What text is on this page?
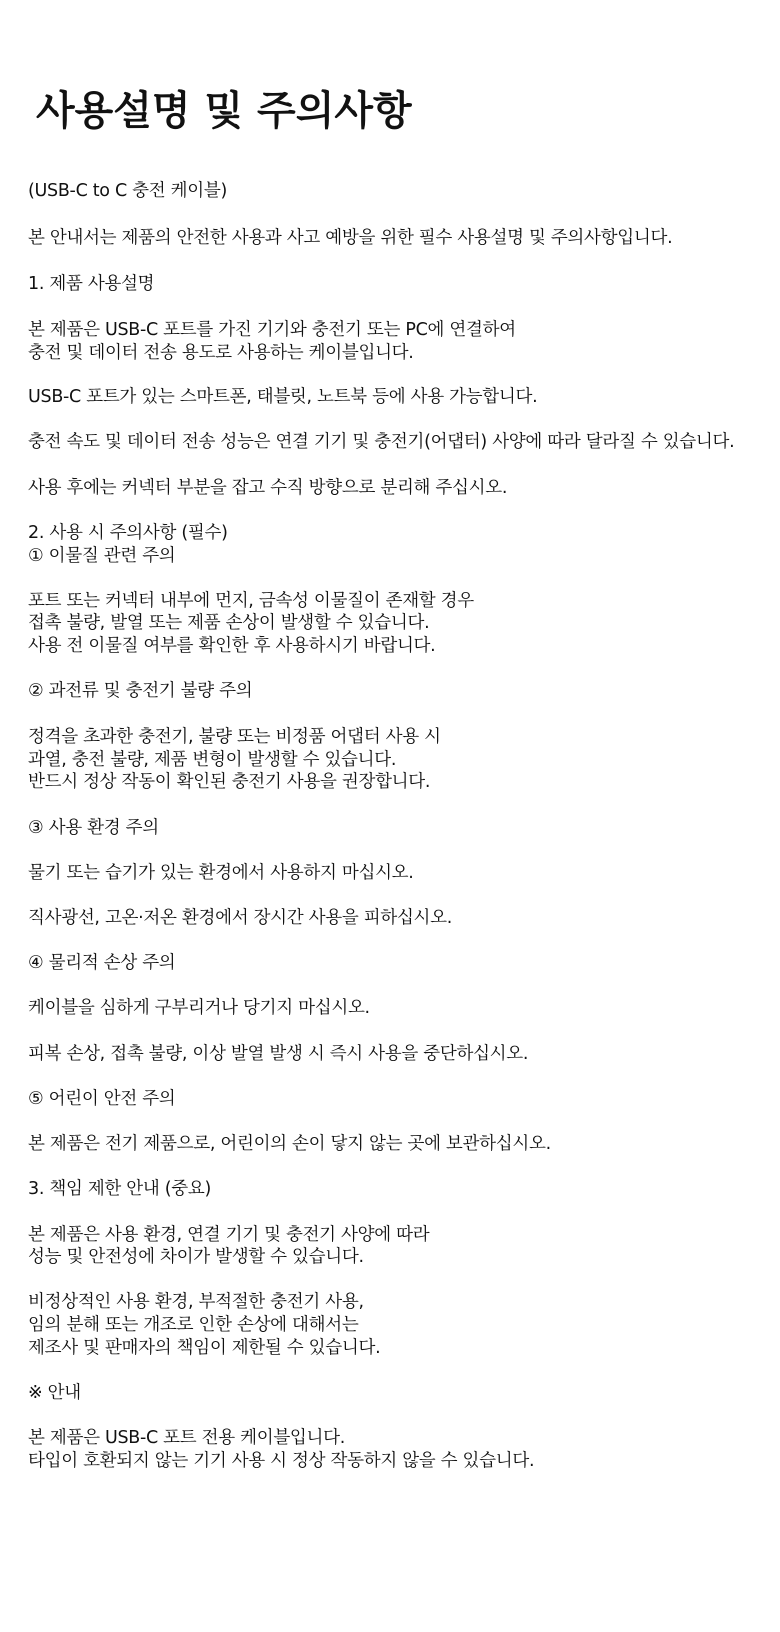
사용설명 및 주의사항
(USB-C to C 충전 케이블)
본 안내서는 제품의 안전한 사용과 사고 예방을 위한 필수 사용설명 및 주의사항입니다.
1. 제품 사용설명
본 제품은 USB-C 포트를 가진 기기와 충전기 또는 PC에 연결하여
충전 및 데이터 전송 용도로 사용하는 케이블입니다.
USB-C 포트가 있는 스마트폰, 태블릿, 노트북 등에 사용 가능합니다.
충전 속도 및 데이터 전송 성능은 연결 기기 및 충전기(어댑터) 사양에 따라 달라질 수 있습니다.
사용 후에는 커넥터 부분을 잡고 수직 방향으로 분리해 주십시오.
2. 사용 시 주의사항 (필수)
① 이물질 관련 주의
포트 또는 커넥터 내부에 먼지, 금속성 이물질이 존재할 경우
접촉 불량, 발열 또는 제품 손상이 발생할 수 있습니다.
사용 전 이물질 여부를 확인한 후 사용하시기 바랍니다.
② 과전류 및 충전기 불량 주의
정격을 초과한 충전기, 불량 또는 비정품 어댑터 사용 시
과열, 충전 불량, 제품 변형이 발생할 수 있습니다.
반드시 정상 작동이 확인된 충전기 사용을 권장합니다.
③ 사용 환경 주의
물기 또는 습기가 있는 환경에서 사용하지 마십시오.
직사광선, 고온·저온 환경에서 장시간 사용을 피하십시오.
④ 물리적 손상 주의
케이블을 심하게 구부리거나 당기지 마십시오.
피복 손상, 접촉 불량, 이상 발열 발생 시 즉시 사용을 중단하십시오.
⑤ 어린이 안전 주의
본 제품은 전기 제품으로, 어린이의 손이 닿지 않는 곳에 보관하십시오.
3. 책임 제한 안내 (중요)
본 제품은 사용 환경, 연결 기기 및 충전기 사양에 따라
성능 및 안전성에 차이가 발생할 수 있습니다.
비정상적인 사용 환경, 부적절한 충전기 사용,
임의 분해 또는 개조로 인한 손상에 대해서는
제조사 및 판매자의 책임이 제한될 수 있습니다.
※ 안내
본 제품은 USB-C 포트 전용 케이블입니다.
타입이 호환되지 않는 기기 사용 시 정상 작동하지 않을 수 있습니다.
